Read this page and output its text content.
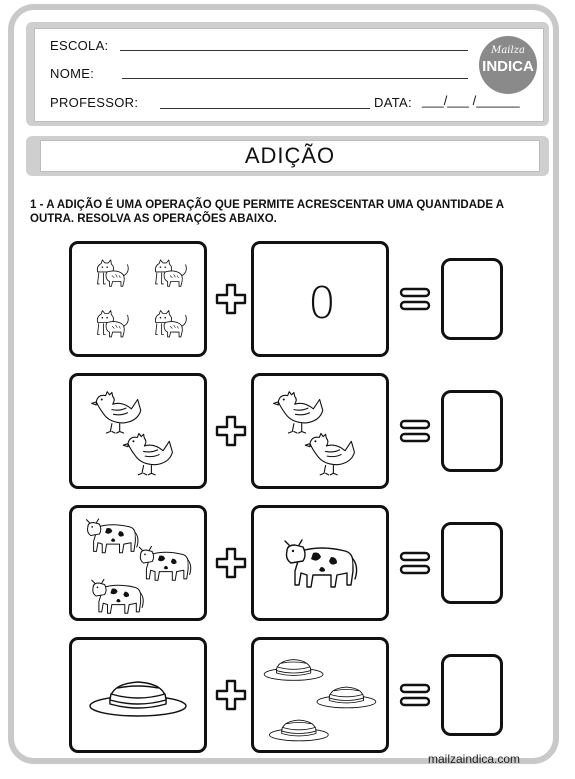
ESCOLA:
NOME:
PROFESSOR:	DATA: ___/___ /______
Mailza
INDICA
ADIÇÃO
1 - A ADIÇÃO É UMA OPERAÇÃO QUE PERMITE ACRESCENTAR UMA QUANTIDADE A OUTRA. RESOLVA AS OPERAÇÕES ABAIXO.
0
mailzaindica.com
